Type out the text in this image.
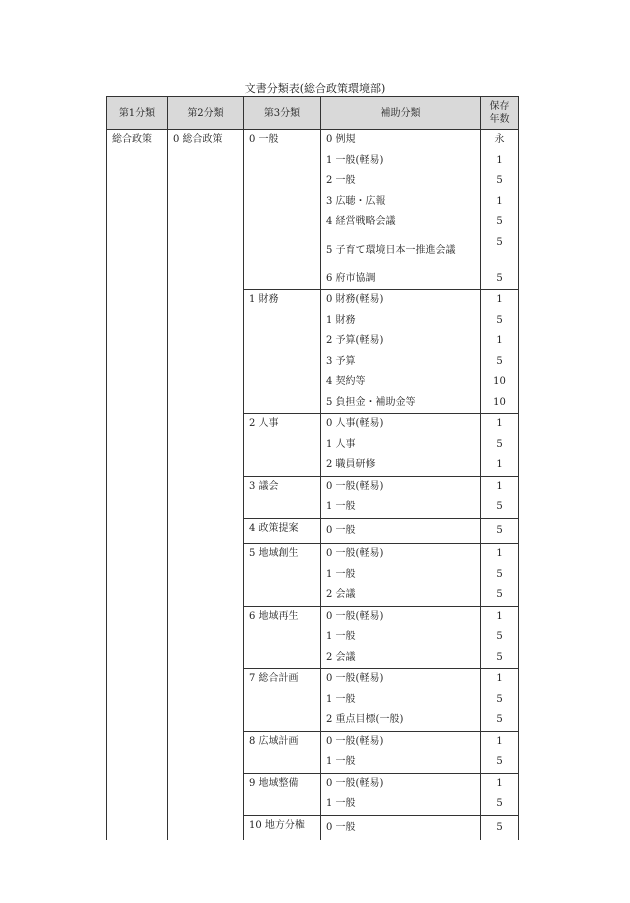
文書分類表(総合政策環境部)
第1分類	第2分類	第3分類	補助分類	保存
年数
総合政策	0 総合政策	0 一般	0 例規	永
			1 一般(軽易)	1
			2 一般	5
			3 広聴・広報	1
			4 経営戦略会議	5
			5 子育て環境日本一推進会議	5
			6 府市協調	5
		1 財務	0 財務(軽易)	1
			1 財務	5
			2 予算(軽易)	1
			3 予算	5
			4 契約等	10
			5 負担金・補助金等	10
		2 人事	0 人事(軽易)	1
			1 人事	5
			2 職員研修	1
		3 議会	0 一般(軽易)	1
			1 一般	5
		4 政策提案	0 一般	5
		5 地域創生	0 一般(軽易)	1
			1 一般	5
			2 会議	5
		6 地域再生	0 一般(軽易)	1
			1 一般	5
			2 会議	5
		7 総合計画	0 一般(軽易)	1
			1 一般	5
			2 重点目標(一般)	5
		8 広域計画	0 一般(軽易)	1
			1 一般	5
		9 地域整備	0 一般(軽易)	1
			1 一般	5
		10 地方分権	0 一般	5
